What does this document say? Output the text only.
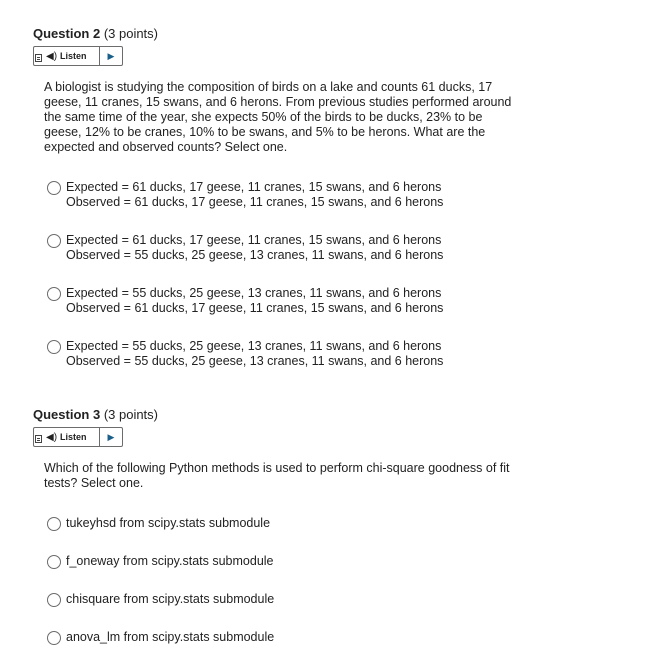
Question 2 (3 points)
◀) Listen ▶
A biologist is studying the composition of birds on a lake and counts 61 ducks, 17 geese, 11 cranes, 15 swans, and 6 herons. From previous studies performed around the same time of the year, she expects 50% of the birds to be ducks, 23% to be geese, 12% to be cranes, 10% to be swans, and 5% to be herons. What are the expected and observed counts? Select one.
Expected = 61 ducks, 17 geese, 11 cranes, 15 swans, and 6 herons
Observed = 61 ducks, 17 geese, 11 cranes, 15 swans, and 6 herons
Expected = 61 ducks, 17 geese, 11 cranes, 15 swans, and 6 herons
Observed = 55 ducks, 25 geese, 13 cranes, 11 swans, and 6 herons
Expected = 55 ducks, 25 geese, 13 cranes, 11 swans, and 6 herons
Observed = 61 ducks, 17 geese, 11 cranes, 15 swans, and 6 herons
Expected = 55 ducks, 25 geese, 13 cranes, 11 swans, and 6 herons
Observed = 55 ducks, 25 geese, 13 cranes, 11 swans, and 6 herons
Question 3 (3 points)
◀) Listen ▶
Which of the following Python methods is used to perform chi-square goodness of fit tests? Select one.
tukeyhsd from scipy.stats submodule
f_oneway from scipy.stats submodule
chisquare from scipy.stats submodule
anova_lm from scipy.stats submodule
